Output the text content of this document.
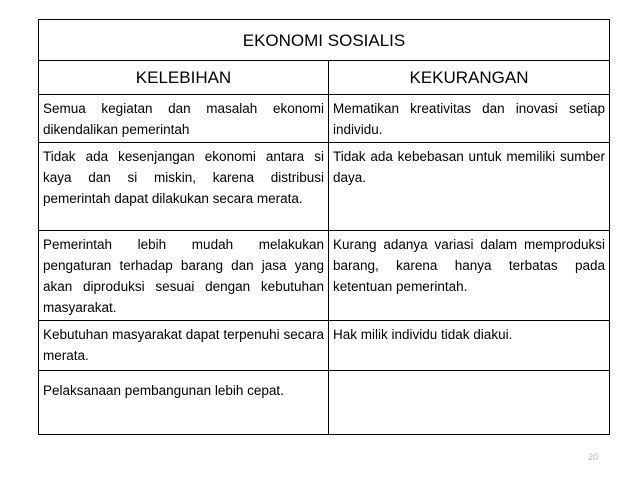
EKONOMI SOSIALIS	
KELEBIHAN	KEKURANGAN
Semua kegiatan dan masalah ekonomi dikendalikan pemerintah	Mematikan kreativitas dan inovasi setiap individu.
Tidak ada kesenjangan ekonomi antara si kaya dan si miskin, karena distribusi pemerintah dapat dilakukan secara merata.	Tidak ada kebebasan untuk memiliki sumber daya.
Pemerintah lebih mudah melakukan pengaturan terhadap barang dan jasa yang akan diproduksi sesuai dengan kebutuhan masyarakat.	Kurang adanya variasi dalam memproduksi barang, karena hanya terbatas pada ketentuan pemerintah.
Kebutuhan masyarakat dapat terpenuhi secara merata.	Hak milik individu tidak diakui.
Pelaksanaan pembangunan lebih cepat.	
20
